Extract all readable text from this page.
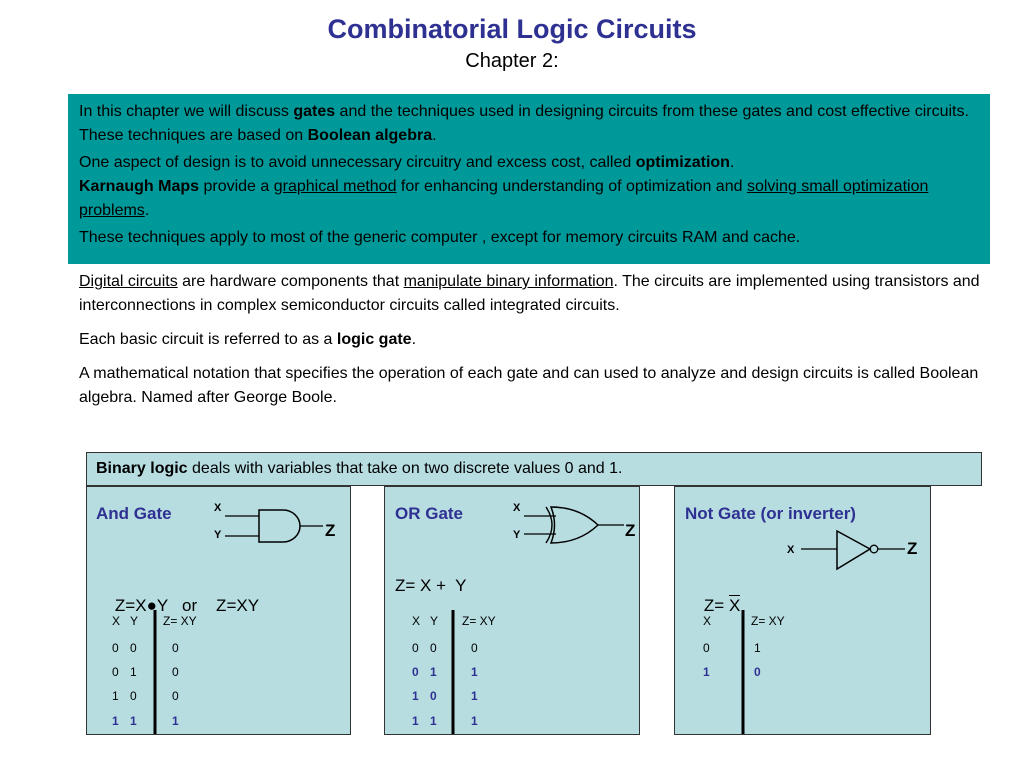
Combinatorial Logic Circuits
Chapter 2:

In this chapter we will discuss gates and the techniques used in designing circuits from these gates and cost effective circuits. These techniques are based on Boolean algebra.

One aspect of design is to avoid unnecessary circuitry and excess cost, called optimization.
Karnaugh Maps provide a graphical method for enhancing understanding of optimization and solving small optimization problems.

These techniques apply to most of the generic computer , except for memory circuits RAM and cache.

Digital circuits are hardware components that manipulate binary information. The circuits are implemented using transistors and interconnections in complex semiconductor circuits called integrated circuits.

Each basic circuit is referred to as a logic gate.

A mathematical notation that specifies the operation of each gate and can used to analyze and design circuits is called Boolean algebra. Named after George Boole.

Binary logic deals with variables that take on two discrete values 0 and 1.
And Gate	X
Y	Z

Z=X●Y   or    Z=XY

X Y Z= XY
0 0	0
0 1	0
1 0	0
1 1	1
OR Gate	X
Y	Z
Z= X +  Y
X Y Z= XY
0 0	0
0 1	1
1 0	1
1 1	1
Not Gate (or inverter)
X	Z

Z= X

X	Z= XY
0	1
1	0
